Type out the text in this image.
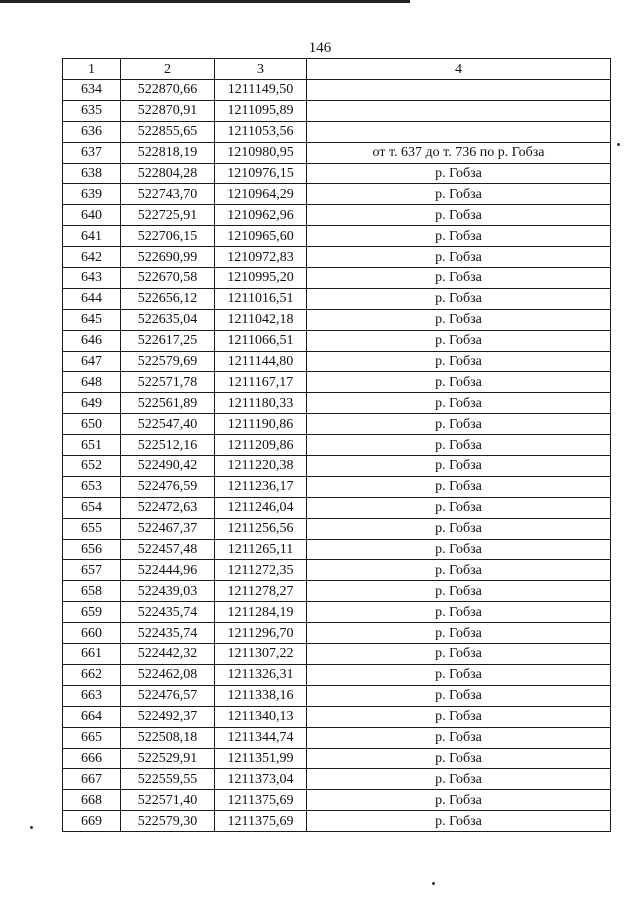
146
1	2	3	4
634	522870,66	1211149,50	
635	522870,91	1211095,89	
636	522855,65	1211053,56	
637	522818,19	1210980,95	от т. 637 до т. 736 по р. Гобза
638	522804,28	1210976,15	р. Гобза
639	522743,70	1210964,29	р. Гобза
640	522725,91	1210962,96	р. Гобза
641	522706,15	1210965,60	р. Гобза
642	522690,99	1210972,83	р. Гобза
643	522670,58	1210995,20	р. Гобза
644	522656,12	1211016,51	р. Гобза
645	522635,04	1211042,18	р. Гобза
646	522617,25	1211066,51	р. Гобза
647	522579,69	1211144,80	р. Гобза
648	522571,78	1211167,17	р. Гобза
649	522561,89	1211180,33	р. Гобза
650	522547,40	1211190,86	р. Гобза
651	522512,16	1211209,86	р. Гобза
652	522490,42	1211220,38	р. Гобза
653	522476,59	1211236,17	р. Гобза
654	522472,63	1211246,04	р. Гобза
655	522467,37	1211256,56	р. Гобза
656	522457,48	1211265,11	р. Гобза
657	522444,96	1211272,35	р. Гобза
658	522439,03	1211278,27	р. Гобза
659	522435,74	1211284,19	р. Гобза
660	522435,74	1211296,70	р. Гобза
661	522442,32	1211307,22	р. Гобза
662	522462,08	1211326,31	р. Гобза
663	522476,57	1211338,16	р. Гобза
664	522492,37	1211340,13	р. Гобза
665	522508,18	1211344,74	р. Гобза
666	522529,91	1211351,99	р. Гобза
667	522559,55	1211373,04	р. Гобза
668	522571,40	1211375,69	р. Гобза
669	522579,30	1211375,69	р. Гобза
